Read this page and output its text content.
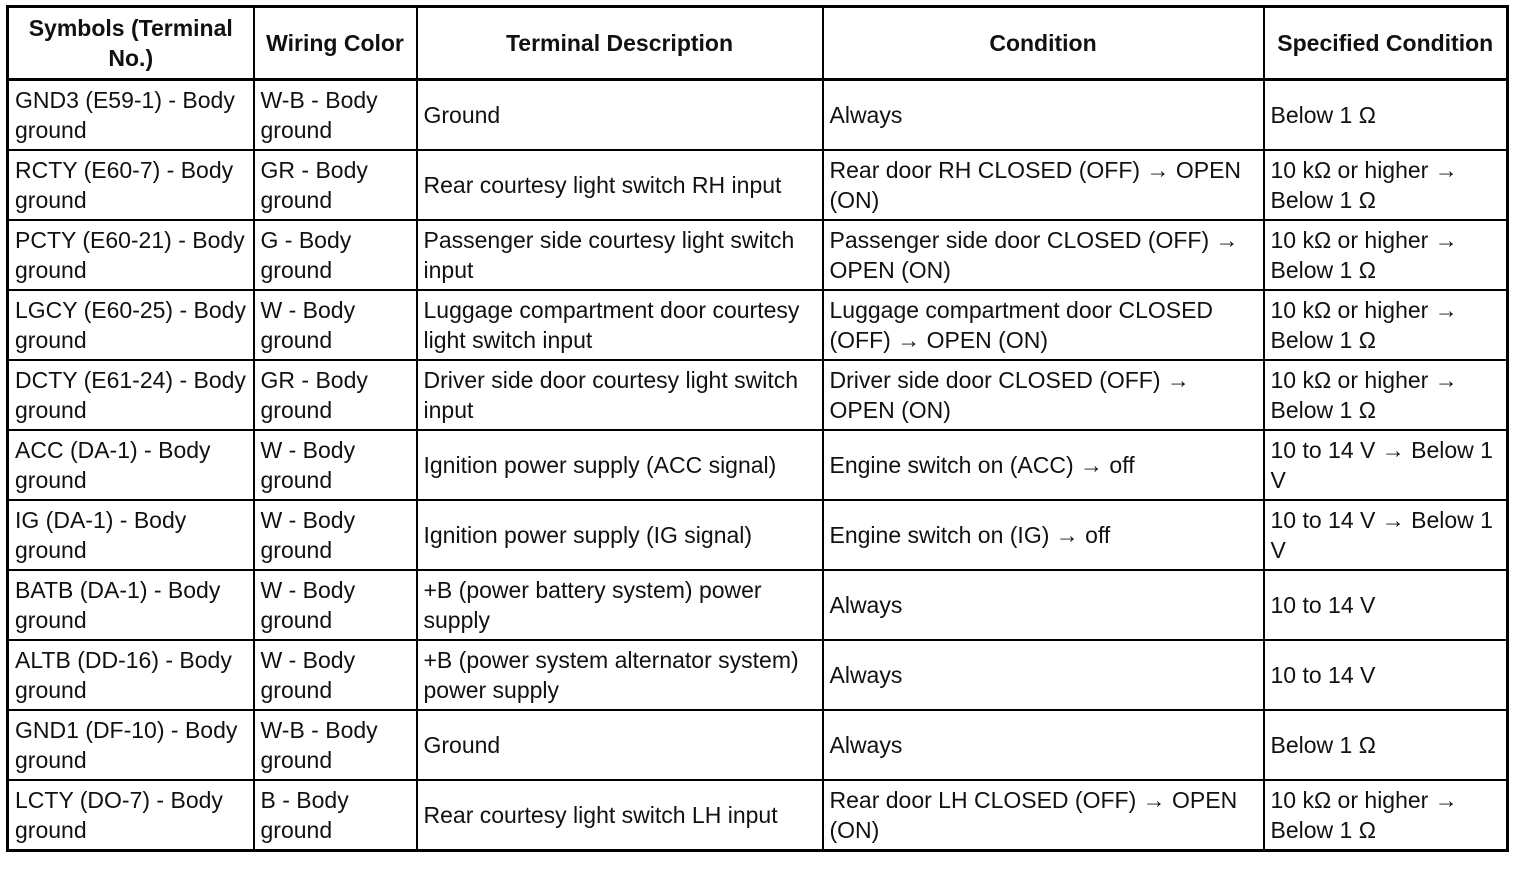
Symbols (Terminal No.)	Wiring Color	Terminal Description	Condition	Specified Condition
GND3 (E59-1) - Body ground	W-B - Body ground	Ground	Always	Below 1 Ω
RCTY (E60-7) - Body ground	GR - Body ground	Rear courtesy light switch RH input	Rear door RH CLOSED (OFF) → OPEN (ON)	10 kΩ or higher → Below 1 Ω
PCTY (E60-21) - Body ground	G - Body ground	Passenger side courtesy light switch input	Passenger side door CLOSED (OFF) → OPEN (ON)	10 kΩ or higher → Below 1 Ω
LGCY (E60-25) - Body ground	W - Body ground	Luggage compartment door courtesy light switch input	Luggage compartment door CLOSED (OFF) → OPEN (ON)	10 kΩ or higher → Below 1 Ω
DCTY (E61-24) - Body ground	GR - Body ground	Driver side door courtesy light switch input	Driver side door CLOSED (OFF) → OPEN (ON)	10 kΩ or higher → Below 1 Ω
ACC (DA-1) - Body ground	W - Body ground	Ignition power supply (ACC signal)	Engine switch on (ACC) → off	10 to 14 V → Below 1 V
IG (DA-1) - Body ground	W - Body ground	Ignition power supply (IG signal)	Engine switch on (IG) → off	10 to 14 V → Below 1 V
BATB (DA-1) - Body ground	W - Body ground	+B (power battery system) power supply	Always	10 to 14 V
ALTB (DD-16) - Body ground	W - Body ground	+B (power system alternator system) power supply	Always	10 to 14 V
GND1 (DF-10) - Body ground	W-B - Body ground	Ground	Always	Below 1 Ω
LCTY (DO-7) - Body ground	B - Body ground	Rear courtesy light switch LH input	Rear door LH CLOSED (OFF) → OPEN (ON)	10 kΩ or higher → Below 1 Ω
